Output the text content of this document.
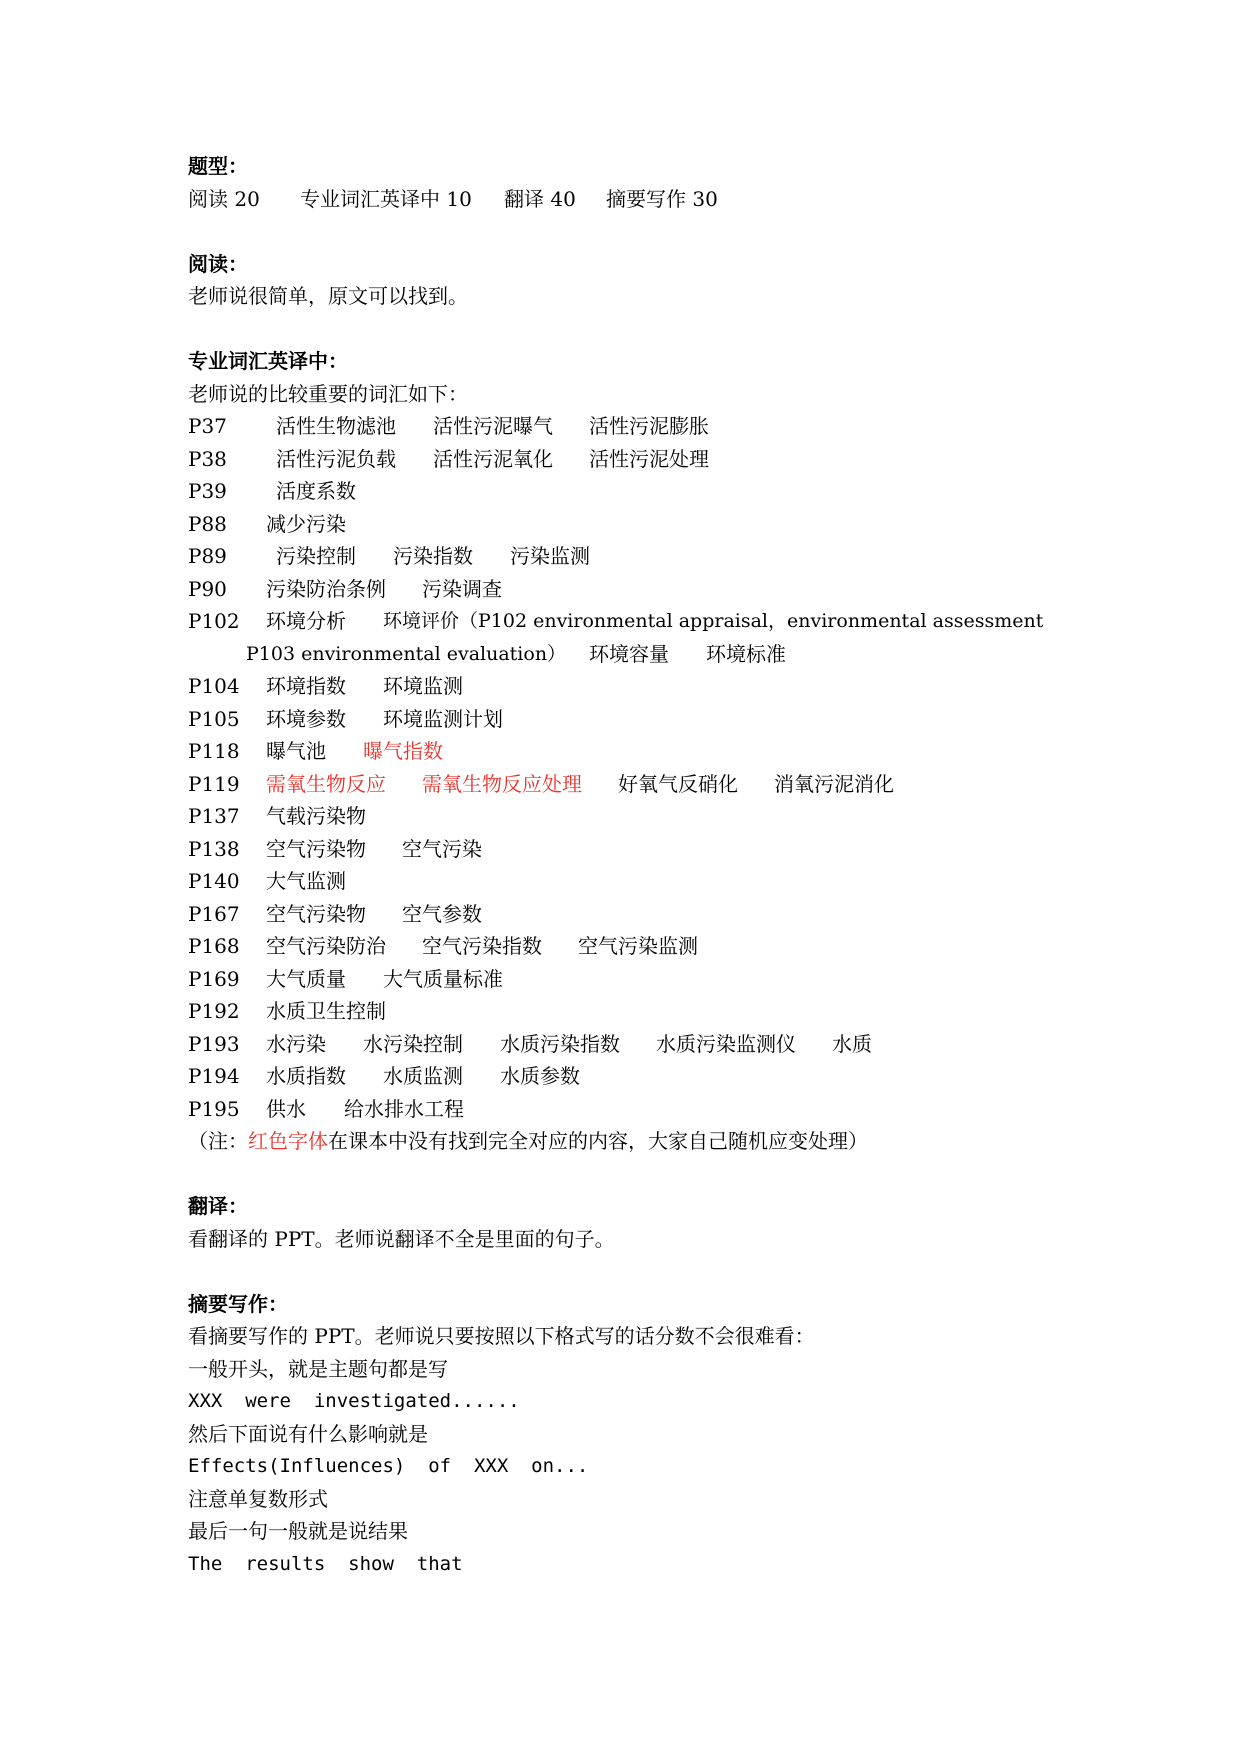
题型：
阅读 20 专业词汇英译中 10 翻译 40 摘要写作 30
阅读：
老师说很简单，原文可以找到。
专业词汇英译中：
老师说的比较重要的词汇如下：
P37 活性生物滤池 活性污泥曝气 活性污泥膨胀
P38 活性污泥负载 活性污泥氧化 活性污泥处理
P39 活度系数
P88 减少污染
P89 污染控制 污染指数 污染监测
P90 污染防治条例 污染调查
P102 环境分析 环境评价（P102 environmental appraisal，environmental assessment
P103 environmental evaluation） 环境容量 环境标准
P104 环境指数 环境监测
P105 环境参数 环境监测计划
P118 曝气池 曝气指数
P119 需氧生物反应 需氧生物反应处理 好氧气反硝化 消氧污泥消化
P137 气载污染物
P138 空气污染物 空气污染
P140 大气监测
P167 空气污染物 空气参数
P168 空气污染防治 空气污染指数 空气污染监测
P169 大气质量 大气质量标准
P192 水质卫生控制
P193 水污染 水污染控制 水质污染指数 水质污染监测仪 水质
P194 水质指数 水质监测 水质参数
P195 供水 给水排水工程
（注：红色字体在课本中没有找到完全对应的内容，大家自己随机应变处理）
翻译：
看翻译的 PPT。老师说翻译不全是里面的句子。
摘要写作：
看摘要写作的 PPT。老师说只要按照以下格式写的话分数不会很难看：
一般开头，就是主题句都是写
XXX  were  investigated......
然后下面说有什么影响就是
Effects(Influences)  of  XXX  on...
注意单复数形式
最后一句一般就是说结果
The  results  show  that
